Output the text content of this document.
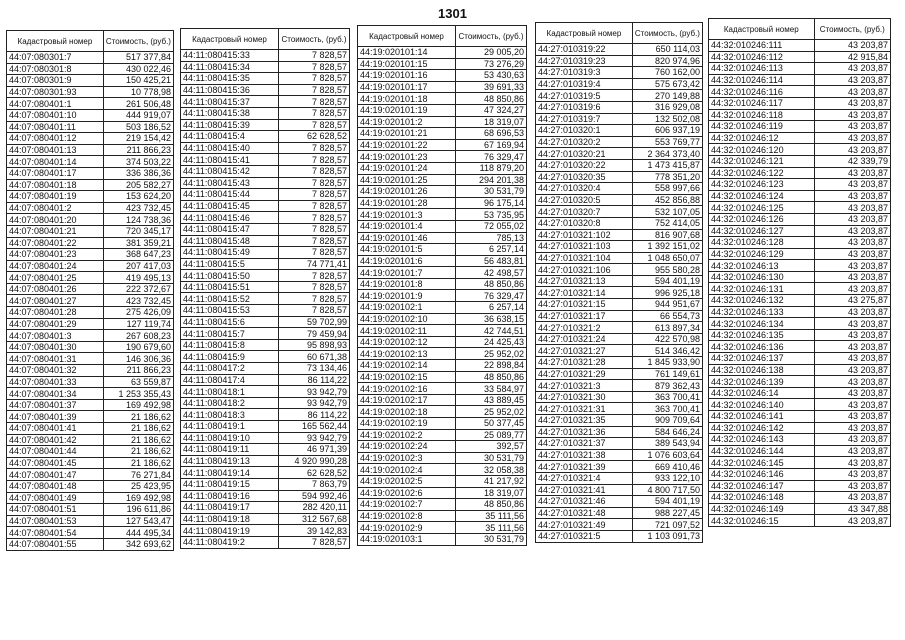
1301
Кадастровый номер	Стоимость, (руб.)
44:07:080301:7	517 377,84
44:07:080301:8	430 022,46
44:07:080301:9	150 425,21
44:07:080301:93	10 778,98
44:07:080401:1	261 506,48
44:07:080401:10	444 919,07
44:07:080401:11	503 186,52
44:07:080401:12	219 154,42
44:07:080401:13	211 866,23
44:07:080401:14	374 503,22
44:07:080401:17	336 386,36
44:07:080401:18	205 582,27
44:07:080401:19	153 624,20
44:07:080401:2	423 732,45
44:07:080401:20	124 738,36
44:07:080401:21	720 345,17
44:07:080401:22	381 359,21
44:07:080401:23	368 647,23
44:07:080401:24	207 417,03
44:07:080401:25	419 495,13
44:07:080401:26	222 372,67
44:07:080401:27	423 732,45
44:07:080401:28	275 426,09
44:07:080401:29	127 119,74
44:07:080401:3	267 608,23
44:07:080401:30	190 679,60
44:07:080401:31	146 306,36
44:07:080401:32	211 866,23
44:07:080401:33	63 559,87
44:07:080401:34	1 253 355,43
44:07:080401:37	169 492,98
44:07:080401:39	21 186,62
44:07:080401:41	21 186,62
44:07:080401:42	21 186,62
44:07:080401:44	21 186,62
44:07:080401:45	21 186,62
44:07:080401:47	76 271,84
44:07:080401:48	25 423,95
44:07:080401:49	169 492,98
44:07:080401:51	196 611,86
44:07:080401:53	127 543,47
44:07:080401:54	444 495,34
44:07:080401:55	342 693,62
Кадастровый номер	Стоимость, (руб.)
44:11:080415:33	7 828,57
44:11:080415:34	7 828,57
44:11:080415:35	7 828,57
44:11:080415:36	7 828,57
44:11:080415:37	7 828,57
44:11:080415:38	7 828,57
44:11:080415:39	7 828,57
44:11:080415:4	62 628,52
44:11:080415:40	7 828,57
44:11:080415:41	7 828,57
44:11:080415:42	7 828,57
44:11:080415:43	7 828,57
44:11:080415:44	7 828,57
44:11:080415:45	7 828,57
44:11:080415:46	7 828,57
44:11:080415:47	7 828,57
44:11:080415:48	7 828,57
44:11:080415:49	7 828,57
44:11:080415:5	74 771,41
44:11:080415:50	7 828,57
44:11:080415:51	7 828,57
44:11:080415:52	7 828,57
44:11:080415:53	7 828,57
44:11:080415:6	59 702,99
44:11:080415:7	79 459,94
44:11:080415:8	95 898,93
44:11:080415:9	60 671,38
44:11:080417:2	73 134,46
44:11:080417:4	86 114,22
44:11:080418:1	93 942,79
44:11:080418:2	93 942,79
44:11:080418:3	86 114,22
44:11:080419:1	165 562,44
44:11:080419:10	93 942,79
44:11:080419:11	46 971,39
44:11:080419:13	4 920 990,28
44:11:080419:14	62 628,52
44:11:080419:15	7 863,79
44:11:080419:16	594 992,46
44:11:080419:17	282 420,11
44:11:080419:18	312 567,68
44:11:080419:19	39 142,83
44:11:080419:2	7 828,57
Кадастровый номер	Стоимость, (руб.)
44:19:020101:14	29 005,20
44:19:020101:15	73 276,29
44:19:020101:16	53 430,63
44:19:020101:17	39 691,33
44:19:020101:18	48 850,86
44:19:020101:19	47 324,27
44:19:020101:2	18 319,07
44:19:020101:21	68 696,53
44:19:020101:22	67 169,94
44:19:020101:23	76 329,47
44:19:020101:24	118 879,20
44:19:020101:25	294 201,38
44:19:020101:26	30 531,79
44:19:020101:28	96 175,14
44:19:020101:3	53 735,95
44:19:020101:4	72 055,02
44:19:020101:46	785,13
44:19:020101:5	6 257,14
44:19:020101:6	56 483,81
44:19:020101:7	42 498,57
44:19:020101:8	48 850,86
44:19:020101:9	76 329,47
44:19:020102:1	6 257,14
44:19:020102:10	36 638,15
44:19:020102:11	42 744,51
44:19:020102:12	24 425,43
44:19:020102:13	25 952,02
44:19:020102:14	22 898,84
44:19:020102:15	48 850,86
44:19:020102:16	33 584,97
44:19:020102:17	43 889,45
44:19:020102:18	25 952,02
44:19:020102:19	50 377,45
44:19:020102:2	25 089,77
44:19:020102:24	392,57
44:19:020102:3	30 531,79
44:19:020102:4	32 058,38
44:19:020102:5	41 217,92
44:19:020102:6	18 319,07
44:19:020102:7	48 850,86
44:19:020102:8	35 111,56
44:19:020102:9	35 111,56
44:19:020103:1	30 531,79
Кадастровый номер	Стоимость, (руб.)
44:27:010319:22	650 114,03
44:27:010319:23	820 974,96
44:27:010319:3	760 162,00
44:27:010319:4	575 673,42
44:27:010319:5	270 149,88
44:27:010319:6	316 929,08
44:27:010319:7	132 502,08
44:27:010320:1	606 937,19
44:27:010320:2	553 769,77
44:27:010320:21	2 364 373,40
44:27:010320:22	1 473 415,87
44:27:010320:35	778 351,20
44:27:010320:4	558 997,66
44:27:010320:5	452 856,88
44:27:010320:7	532 107,05
44:27:010320:8	752 414,05
44:27:010321:102	816 907,68
44:27:010321:103	1 392 151,02
44:27:010321:104	1 048 650,07
44:27:010321:106	955 580,28
44:27:010321:13	594 401,19
44:27:010321:14	996 925,18
44:27:010321:15	944 951,67
44:27:010321:17	66 554,73
44:27:010321:2	613 897,34
44:27:010321:24	422 570,98
44:27:010321:27	514 346,42
44:27:010321:28	1 845 933,90
44:27:010321:29	761 149,61
44:27:010321:3	879 362,43
44:27:010321:30	363 700,41
44:27:010321:31	363 700,41
44:27:010321:35	909 709,64
44:27:010321:36	584 646,24
44:27:010321:37	389 543,94
44:27:010321:38	1 076 603,64
44:27:010321:39	669 410,46
44:27:010321:4	933 122,10
44:27:010321:41	4 800 717,50
44:27:010321:46	594 401,19
44:27:010321:48	988 227,45
44:27:010321:49	721 097,52
44:27:010321:5	1 103 091,73
Кадастровый номер	Стоимость, (руб.)
44:32:010246:111	43 203,87
44:32:010246:112	42 915,84
44:32:010246:113	43 203,87
44:32:010246:114	43 203,87
44:32:010246:116	43 203,87
44:32:010246:117	43 203,87
44:32:010246:118	43 203,87
44:32:010246:119	43 203,87
44:32:010246:12	43 203,87
44:32:010246:120	43 203,87
44:32:010246:121	42 339,79
44:32:010246:122	43 203,87
44:32:010246:123	43 203,87
44:32:010246:124	43 203,87
44:32:010246:125	43 203,87
44:32:010246:126	43 203,87
44:32:010246:127	43 203,87
44:32:010246:128	43 203,87
44:32:010246:129	43 203,87
44:32:010246:13	43 203,87
44:32:010246:130	43 203,87
44:32:010246:131	43 203,87
44:32:010246:132	43 275,87
44:32:010246:133	43 203,87
44:32:010246:134	43 203,87
44:32:010246:135	43 203,87
44:32:010246:136	43 203,87
44:32:010246:137	43 203,87
44:32:010246:138	43 203,87
44:32:010246:139	43 203,87
44:32:010246:14	43 203,87
44:32:010246:140	43 203,87
44:32:010246:141	43 203,87
44:32:010246:142	43 203,87
44:32:010246:143	43 203,87
44:32:010246:144	43 203,87
44:32:010246:145	43 203,87
44:32:010246:146	43 203,87
44:32:010246:147	43 203,87
44:32:010246:148	43 203,87
44:32:010246:149	43 347,88
44:32:010246:15	43 203,87
